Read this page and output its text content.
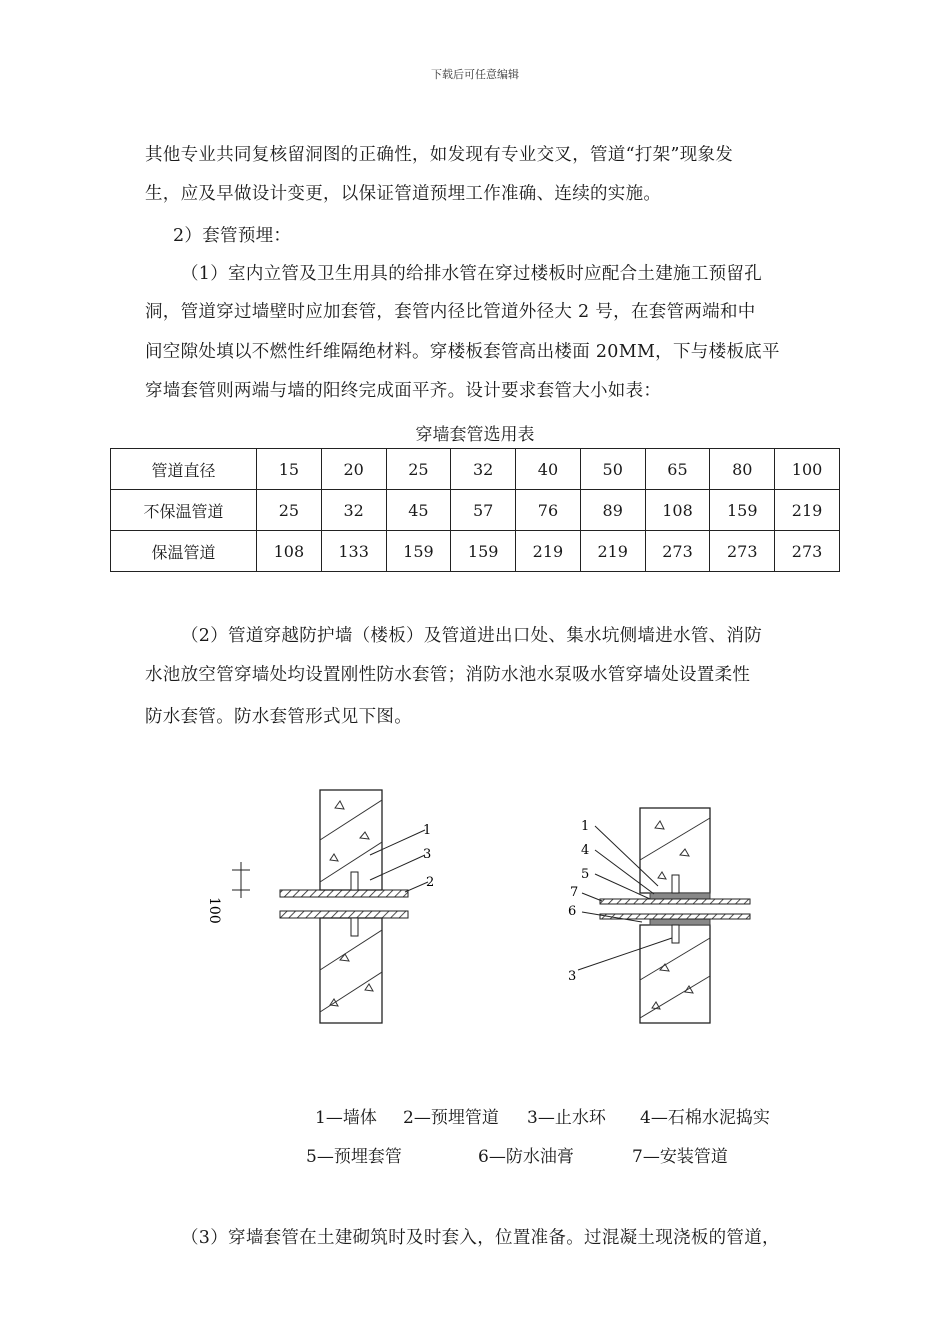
下载后可任意编辑
其他专业共同复核留洞图的正确性，如发现有专业交叉，管道“打架”现象发
生，应及早做设计变更，以保证管道预埋工作准确、连续的实施。
2）套管预埋：
（1）室内立管及卫生用具的给排水管在穿过楼板时应配合土建施工预留孔
洞，管道穿过墙壁时应加套管，套管内径比管道外径大 2 号，在套管两端和中
间空隙处填以不燃性纤维隔绝材料。穿楼板套管高出楼面 20MM，下与楼板底平
穿墙套管则两端与墙的阳终完成面平齐。设计要求套管大小如表：
穿墙套管选用表
管道直径	15	20	25	32	40	50	65	80	100
不保温管道	25	32	45	57	76	89	108	159	219
保温管道	108	133	159	159	219	219	273	273	273
（2）管道穿越防护墙（楼板）及管道进出口处、集水坑侧墙进水管、消防
水池放空管穿墙处均设置刚性防水套管；消防水池水泵吸水管穿墙处设置柔性
防水套管。防水套管形式见下图。
100
1
3
2
1
4
5
7
6
3
1—墙体 2—预埋管道 3—止水环 4—石棉水泥捣实
5—预埋套管	6—防水油膏	7—安装管道
（3）穿墙套管在土建砌筑时及时套入，位置准备。过混凝土现浇板的管道，
